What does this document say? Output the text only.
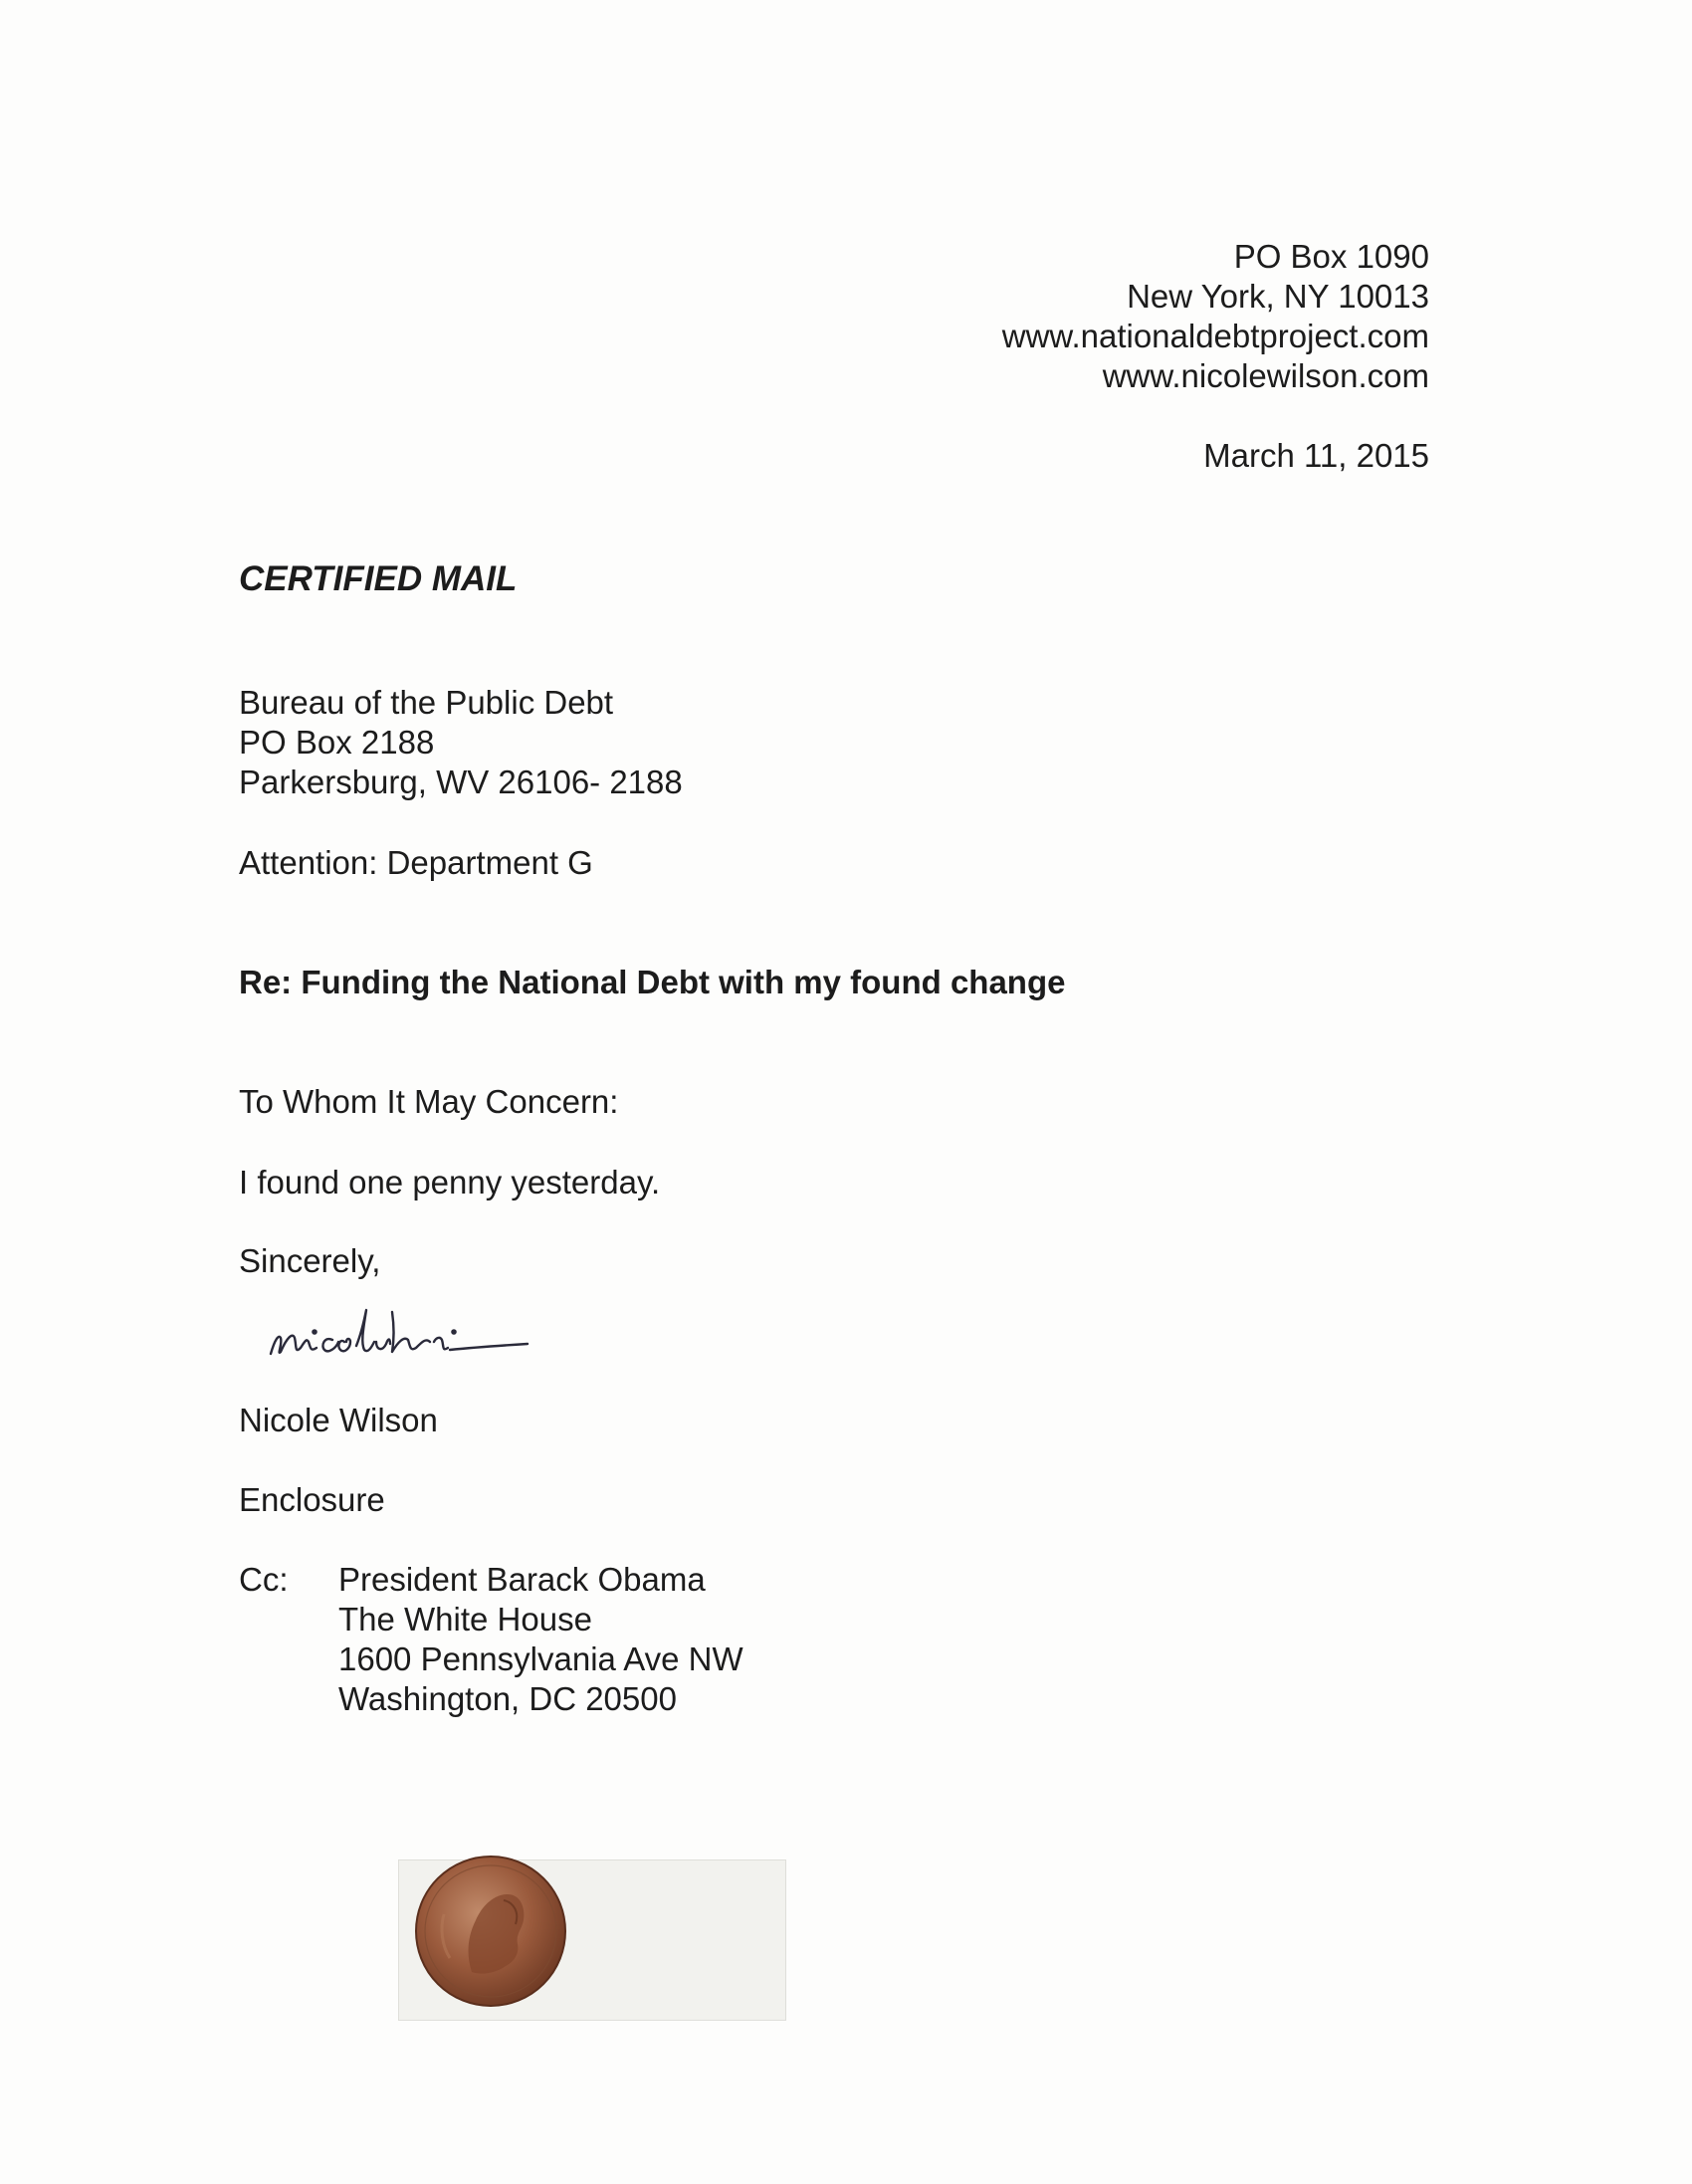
PO Box 1090
New York, NY 10013
www.nationaldebtproject.com
www.nicolewilson.com
March 11, 2015
CERTIFIED MAIL
Bureau of the Public Debt
PO Box 2188
Parkersburg, WV 26106- 2188
Attention: Department G
Re: Funding the National Debt with my found change
To Whom It May Concern:
I found one penny yesterday.
Sincerely,
Nicole Wilson
Enclosure
Cc: President Barack Obama
The White House
1600 Pennsylvania Ave NW
Washington, DC 20500
